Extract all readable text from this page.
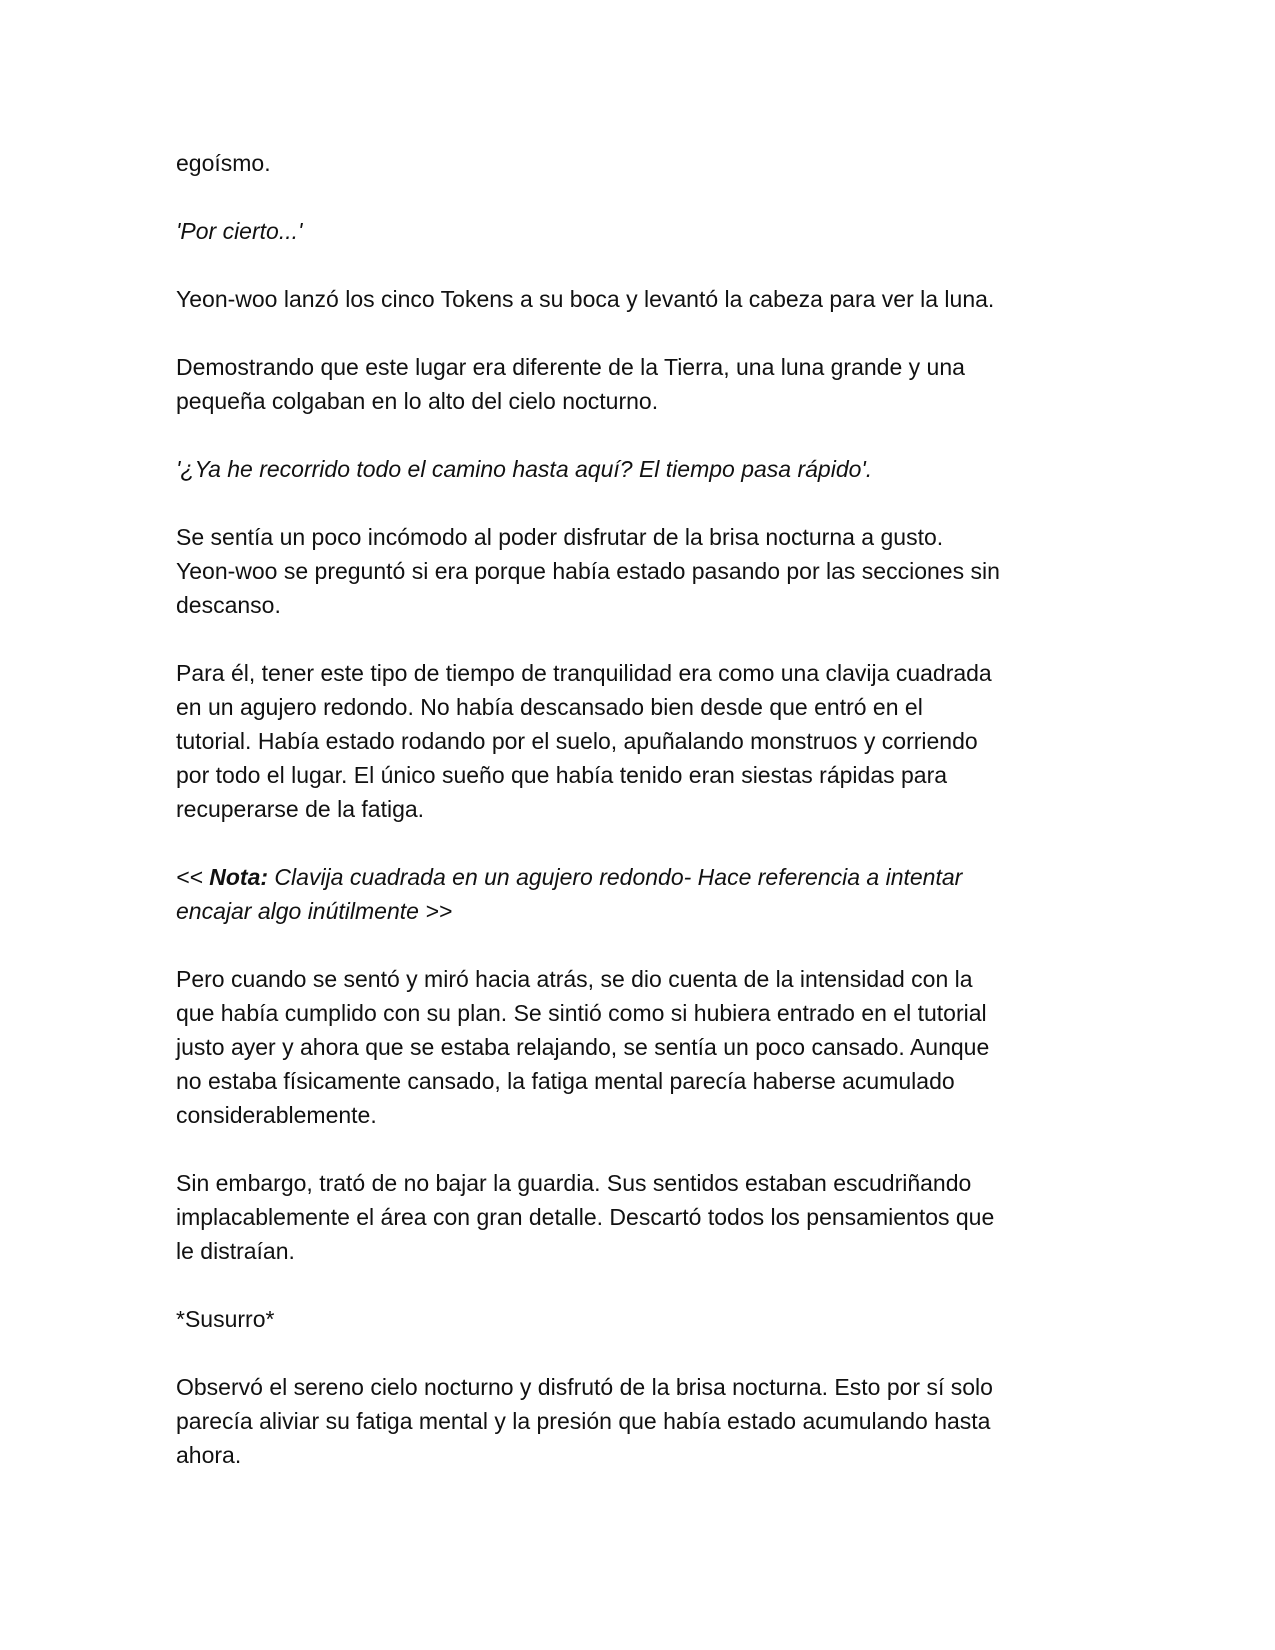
egoísmo.

'Por cierto...'

Yeon-woo lanzó los cinco Tokens a su boca y levantó la cabeza para ver la luna.

Demostrando que este lugar era diferente de la Tierra, una luna grande y una
pequeña colgaban en lo alto del cielo nocturno.

'¿Ya he recorrido todo el camino hasta aquí? El tiempo pasa rápido'.

Se sentía un poco incómodo al poder disfrutar de la brisa nocturna a gusto.
Yeon-woo se preguntó si era porque había estado pasando por las secciones sin
descanso.

Para él, tener este tipo de tiempo de tranquilidad era como una clavija cuadrada
en un agujero redondo. No había descansado bien desde que entró en el
tutorial. Había estado rodando por el suelo, apuñalando monstruos y corriendo
por todo el lugar. El único sueño que había tenido eran siestas rápidas para
recuperarse de la fatiga.

<< Nota: Clavija cuadrada en un agujero redondo- Hace referencia a intentar
encajar algo inútilmente >>

Pero cuando se sentó y miró hacia atrás, se dio cuenta de la intensidad con la
que había cumplido con su plan. Se sintió como si hubiera entrado en el tutorial
justo ayer y ahora que se estaba relajando, se sentía un poco cansado. Aunque
no estaba físicamente cansado, la fatiga mental parecía haberse acumulado
considerablemente.

Sin embargo, trató de no bajar la guardia. Sus sentidos estaban escudriñando
implacablemente el área con gran detalle. Descartó todos los pensamientos que
le distraían.

*Susurro*

Observó el sereno cielo nocturno y disfrutó de la brisa nocturna. Esto por sí solo
parecía aliviar su fatiga mental y la presión que había estado acumulando hasta
ahora.
